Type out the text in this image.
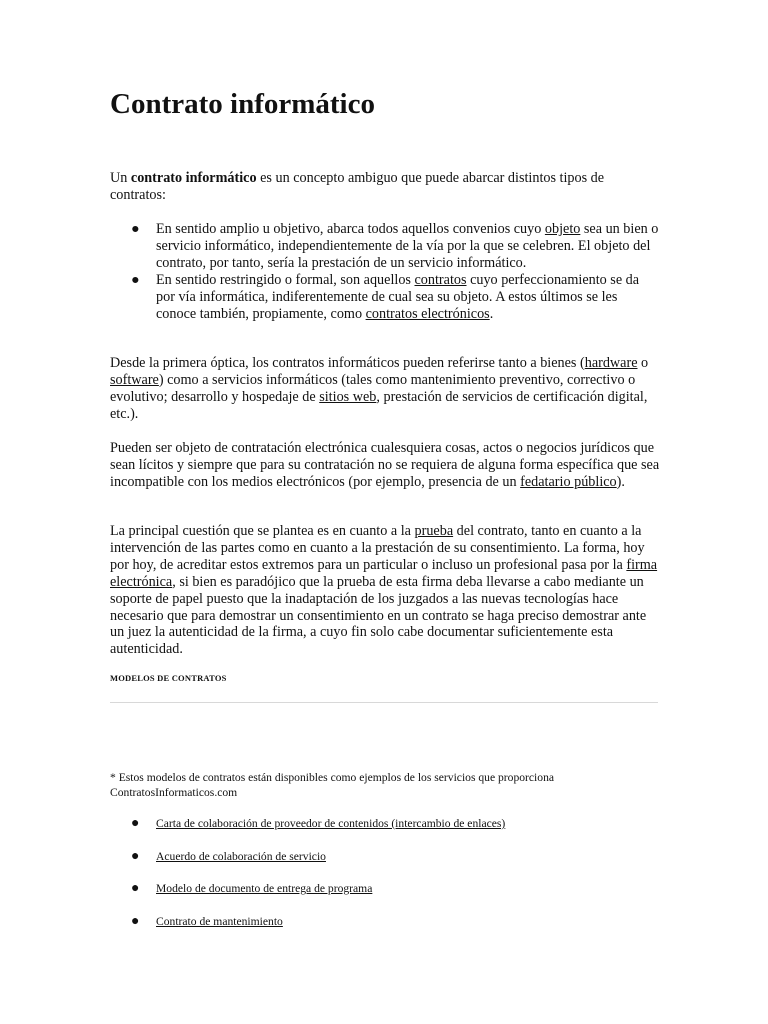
Contrato informático

Un contrato informático es un concepto ambiguo que puede abarcar distintos tipos de contratos:

● En sentido amplio u objetivo, abarca todos aquellos convenios cuyo objeto sea un bien o servicio informático, independientemente de la vía por la que se celebren. El objeto del contrato, por tanto, sería la prestación de un servicio informático.
● En sentido restringido o formal, son aquellos contratos cuyo perfeccionamiento se da por vía informática, indiferentemente de cual sea su objeto. A estos últimos se les conoce también, propiamente, como contratos electrónicos.

Desde la primera óptica, los contratos informáticos pueden referirse tanto a bienes (hardware o software) como a servicios informáticos (tales como mantenimiento preventivo, correctivo o evolutivo; desarrollo y hospedaje de sitios web, prestación de servicios de certificación digital, etc.).

Pueden ser objeto de contratación electrónica cualesquiera cosas, actos o negocios jurídicos que sean lícitos y siempre que para su contratación no se requiera de alguna forma específica que sea incompatible con los medios electrónicos (por ejemplo, presencia de un fedatario público).

La principal cuestión que se plantea es en cuanto a la prueba del contrato, tanto en cuanto a la intervención de las partes como en cuanto a la prestación de su consentimiento. La forma, hoy por hoy, de acreditar estos extremos para un particular o incluso un profesional pasa por la firma electrónica, si bien es paradójico que la prueba de esta firma deba llevarse a cabo mediante un soporte de papel puesto que la inadaptación de los juzgados a las nuevas tecnologías hace necesario que para demostrar un consentimiento en un contrato se haga preciso demostrar ante un juez la autenticidad de la firma, a cuyo fin solo cabe documentar suficientemente esta autenticidad.

MODELOS DE CONTRATOS

* Estos modelos de contratos están disponibles como ejemplos de los servicios que proporciona ContratosInformaticos.com

● Carta de colaboración de proveedor de contenidos (intercambio de enlaces)
● Acuerdo de colaboración de servicio
● Modelo de documento de entrega de programa
● Contrato de mantenimiento
